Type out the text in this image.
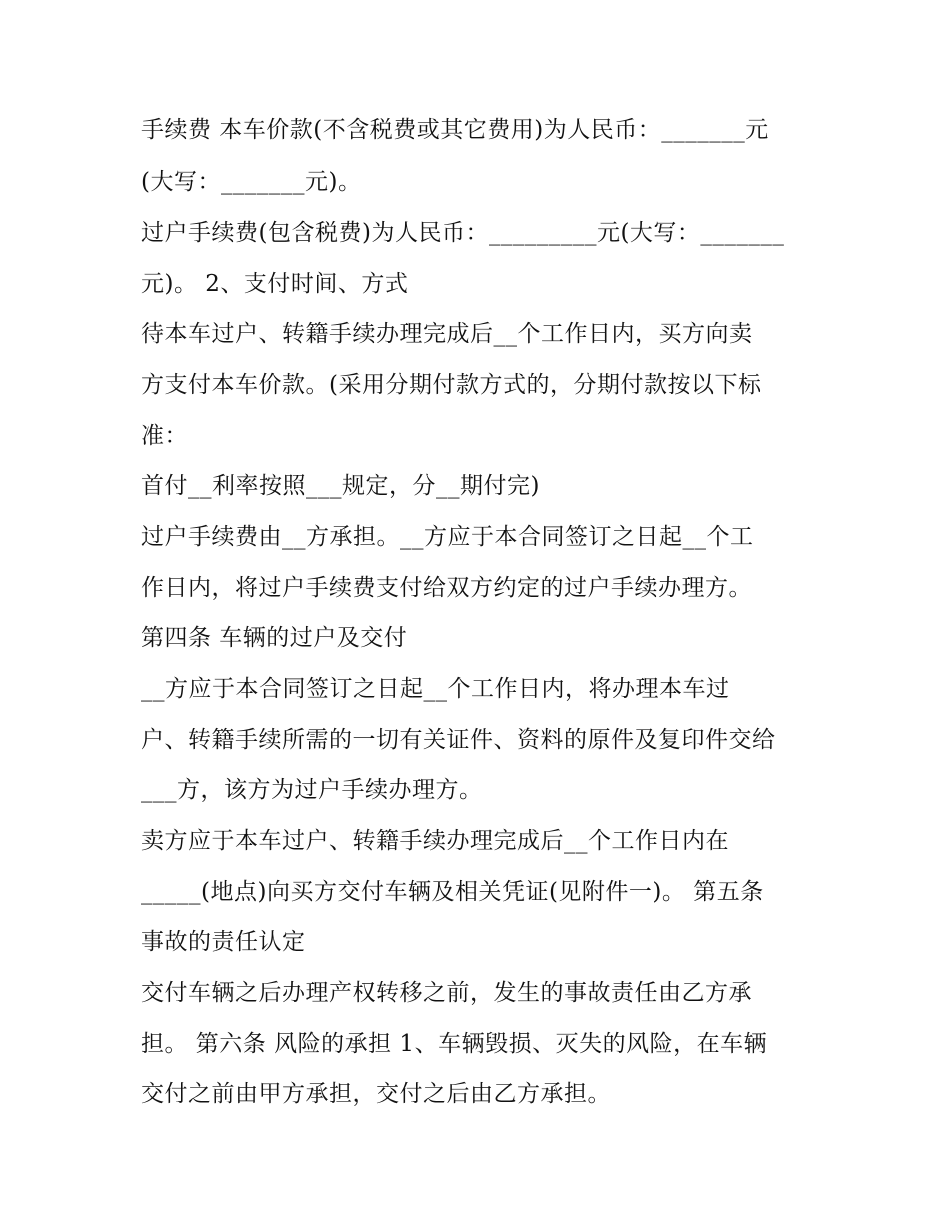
手续费 本车价款(不含税费或其它费用)为人民币：_______元
(大写：_______元)。
过户手续费(包含税费)为人民币：_________元(大写：_______
元)。 2、支付时间、方式
待本车过户、转籍手续办理完成后__个工作日内，买方向卖
方支付本车价款。(采用分期付款方式的，分期付款按以下标
准：
首付__利率按照___规定，分__期付完)
过户手续费由__方承担。__方应于本合同签订之日起__个工
作日内，将过户手续费支付给双方约定的过户手续办理方。
第四条 车辆的过户及交付
__方应于本合同签订之日起__个工作日内，将办理本车过
户、转籍手续所需的一切有关证件、资料的原件及复印件交给
___方，该方为过户手续办理方。
卖方应于本车过户、转籍手续办理完成后__个工作日内在
_____(地点)向买方交付车辆及相关凭证(见附件一)。 第五条
事故的责任认定
交付车辆之后办理产权转移之前，发生的事故责任由乙方承
担。 第六条 风险的承担 1、车辆毁损、灭失的风险，在车辆
交付之前由甲方承担，交付之后由乙方承担。
